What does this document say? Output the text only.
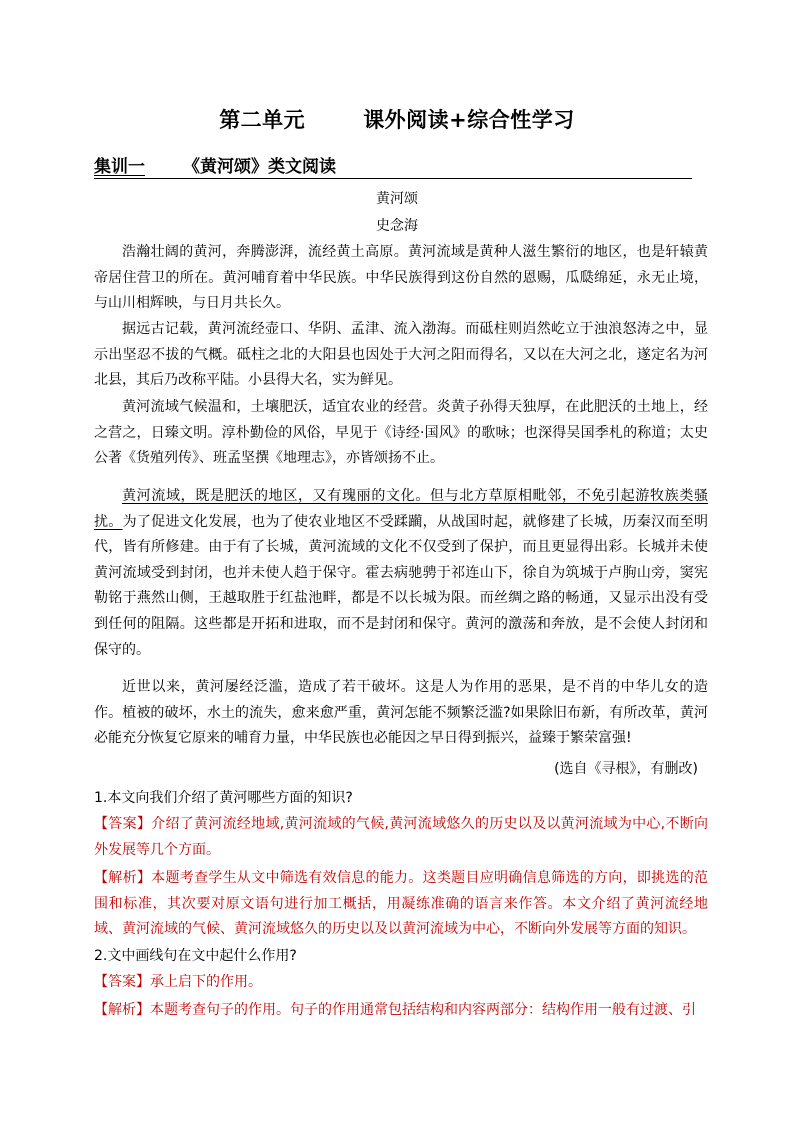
第二单元	课外阅读+综合性学习
集训一 《黄河颂》类文阅读
黄河颂
史念海

浩瀚壮阔的黄河，奔腾澎湃，流经黄土高原。黄河流域是黄种人滋生繁衍的地区，也是轩辕黄帝居住营卫的所在。黄河哺育着中华民族。中华民族得到这份自然的恩赐，瓜瓞绵延，永无止境，与山川相辉映，与日月共长久。

据远古记载，黄河流经壶口、华阴、孟津、流入渤海。而砥柱则岿然屹立于浊浪怒涛之中，显示出坚忍不拔的气概。砥柱之北的大阳县也因处于大河之阳而得名，又以在大河之北，遂定名为河北县，其后乃改称平陆。小县得大名，实为鲜见。

黄河流域气候温和，土壤肥沃，适宜农业的经营。炎黄子孙得天独厚，在此肥沃的土地上，经之营之，日臻文明。淳朴勤俭的风俗，早见于《诗经·国风》的歌咏；也深得吴国季札的称道；太史公著《货殖列传》、班孟坚撰《地理志》，亦皆颂扬不止。

黄河流域，既是肥沃的地区，又有瑰丽的文化。但与北方草原相毗邻，不免引起游牧族类骚扰。为了促进文化发展，也为了使农业地区不受蹂躏，从战国时起，就修建了长城，历秦汉而至明代，皆有所修建。由于有了长城，黄河流域的文化不仅受到了保护，而且更显得出彩。长城并未使黄河流域受到封闭，也并未使人趋于保守。霍去病驰骋于祁连山下，徐自为筑城于卢朐山旁，窦宪勒铭于燕然山侧，王越取胜于红盐池畔，都是不以长城为限。而丝绸之路的畅通，又显示出没有受到任何的阻隔。这些都是开拓和进取，而不是封闭和保守。黄河的激荡和奔放，是不会使人封闭和保守的。

近世以来，黄河屡经泛滥，造成了若干破坏。这是人为作用的恶果，是不肖的中华儿女的造作。植被的破坏，水土的流失，愈来愈严重，黄河怎能不频繁泛滥?如果除旧布新，有所改革，黄河必能充分恢复它原来的哺育力量，中华民族也必能因之早日得到振兴，益臻于繁荣富强!

(选自《寻根》，有删改)

1.本文向我们介绍了黄河哪些方面的知识?

【答案】介绍了黄河流经地域,黄河流域的气候,黄河流域悠久的历史以及以黄河流域为中心,不断向外发展等几个方面。

【解析】本题考查学生从文中筛选有效信息的能力。这类题目应明确信息筛选的方向，即挑选的范围和标准，其次要对原文语句进行加工概括，用凝练准确的语言来作答。本文介绍了黄河流经地域、黄河流域的气候、黄河流域悠久的历史以及以黄河流域为中心，不断向外发展等方面的知识。

2.文中画线句在文中起什么作用?

【答案】承上启下的作用。

【解析】本题考查句子的作用。句子的作用通常包括结构和内容两部分：结构作用一般有过渡、引
